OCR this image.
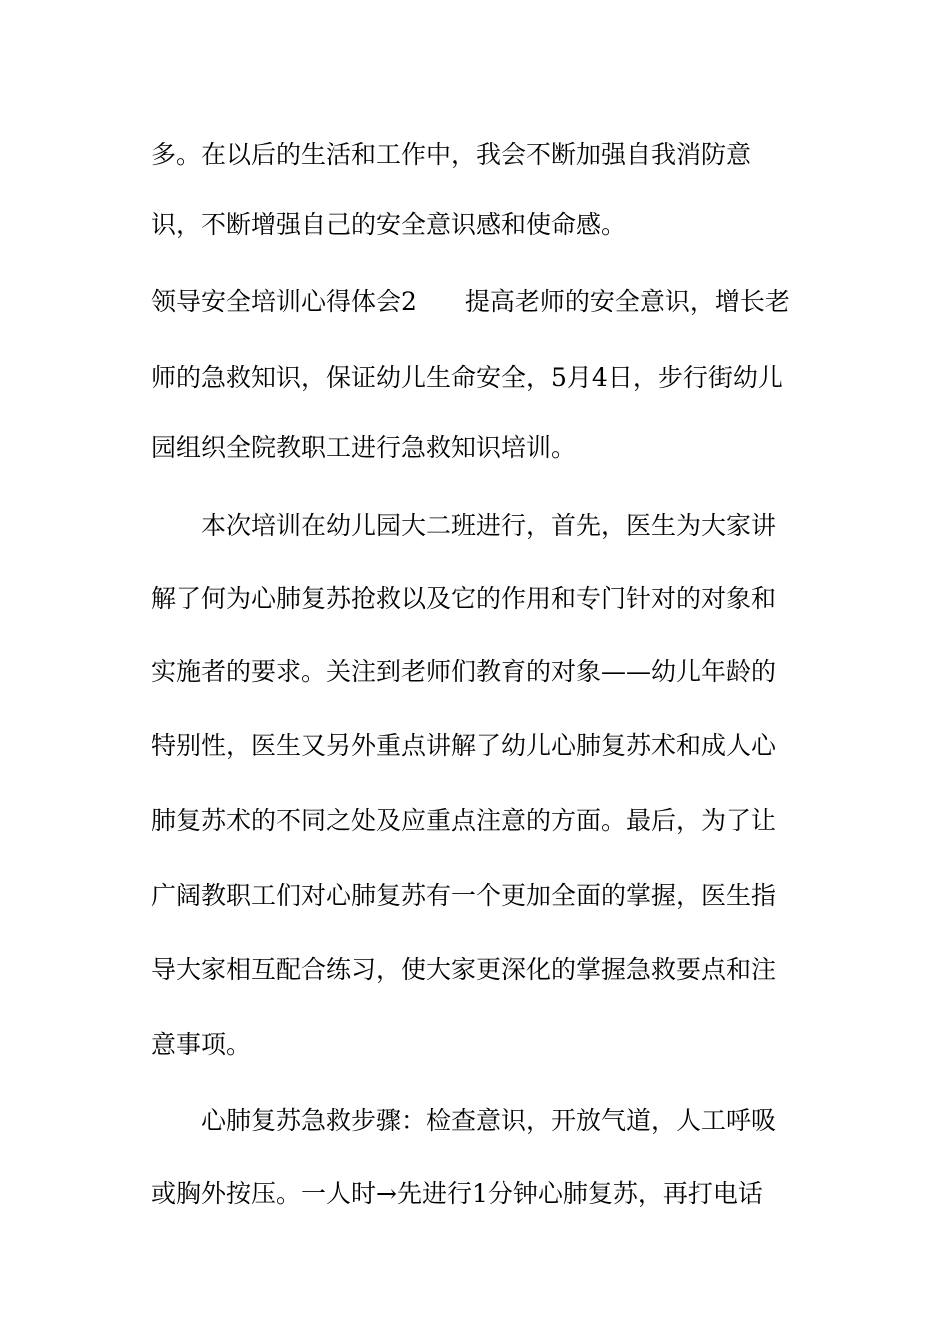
多。在以后的生活和工作中，我会不断加强自我消防意
识，不断增强自己的安全意识感和使命感。
领导安全培训心得体会2 提高老师的安全意识，增长老
师的急救知识，保证幼儿生命安全，5月4日，步行街幼儿
园组织全院教职工进行急救知识培训。
本次培训在幼儿园大二班进行，首先，医生为大家讲
解了何为心肺复苏抢救以及它的作用和专门针对的对象和
实施者的要求。关注到老师们教育的对象——幼儿年龄的
特别性，医生又另外重点讲解了幼儿心肺复苏术和成人心
肺复苏术的不同之处及应重点注意的方面。最后，为了让
广阔教职工们对心肺复苏有一个更加全面的掌握，医生指
导大家相互配合练习，使大家更深化的掌握急救要点和注
意事项。
心肺复苏急救步骤：检查意识，开放气道，人工呼吸
或胸外按压。一人时→先进行1分钟心肺复苏，再打电话
